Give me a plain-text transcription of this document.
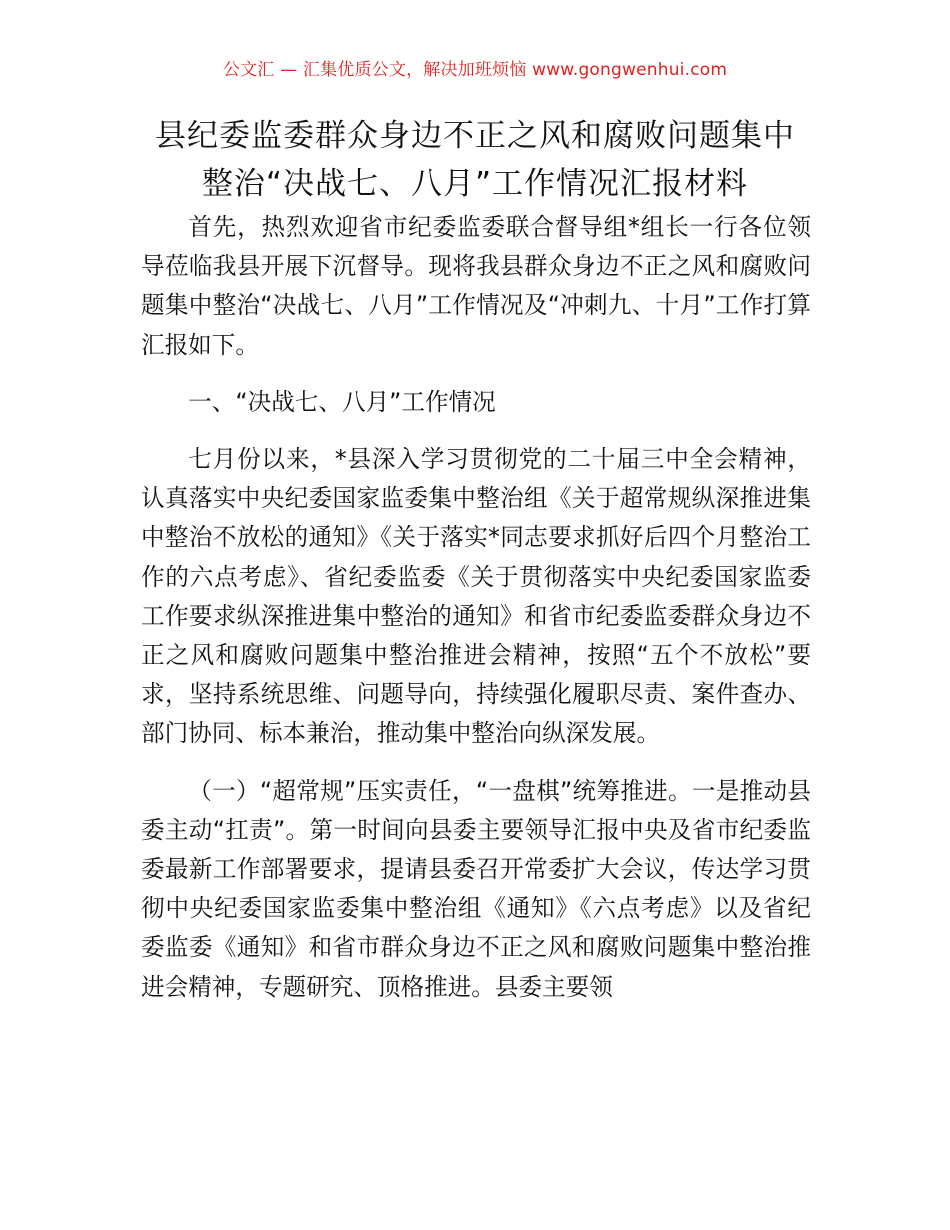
公文汇 — 汇集优质公文，解决加班烦恼 www.gongwenhui.com
县纪委监委群众身边不正之风和腐败问题集中
整治“决战七、八月”工作情况汇报材料

首先，热烈欢迎省市纪委监委联合督导组*组长一行各位领导莅临我县开展下沉督导。现将我县群众身边不正之风和腐败问题集中整治“决战七、八月”工作情况及“冲刺九、十月”工作打算汇报如下。

一、“决战七、八月”工作情况

七月份以来，*县深入学习贯彻党的二十届三中全会精神，认真落实中央纪委国家监委集中整治组《关于超常规纵深推进集中整治不放松的通知》《关于落实*同志要求抓好后四个月整治工作的六点考虑》、省纪委监委《关于贯彻落实中央纪委国家监委工作要求纵深推进集中整治的通知》和省市纪委监委群众身边不正之风和腐败问题集中整治推进会精神，按照“五个不放松”要求，坚持系统思维、问题导向，持续强化履职尽责、案件查办、部门协同、标本兼治，推动集中整治向纵深发展。

（一）“超常规”压实责任，“一盘棋”统筹推进。一是推动县委主动“扛责”。第一时间向县委主要领导汇报中央及省市纪委监委最新工作部署要求，提请县委召开常委扩大会议，传达学习贯彻中央纪委国家监委集中整治组《通知》《六点考虑》以及省纪委监委《通知》和省市群众身边不正之风和腐败问题集中整治推进会精神，专题研究、顶格推进。县委主要领
